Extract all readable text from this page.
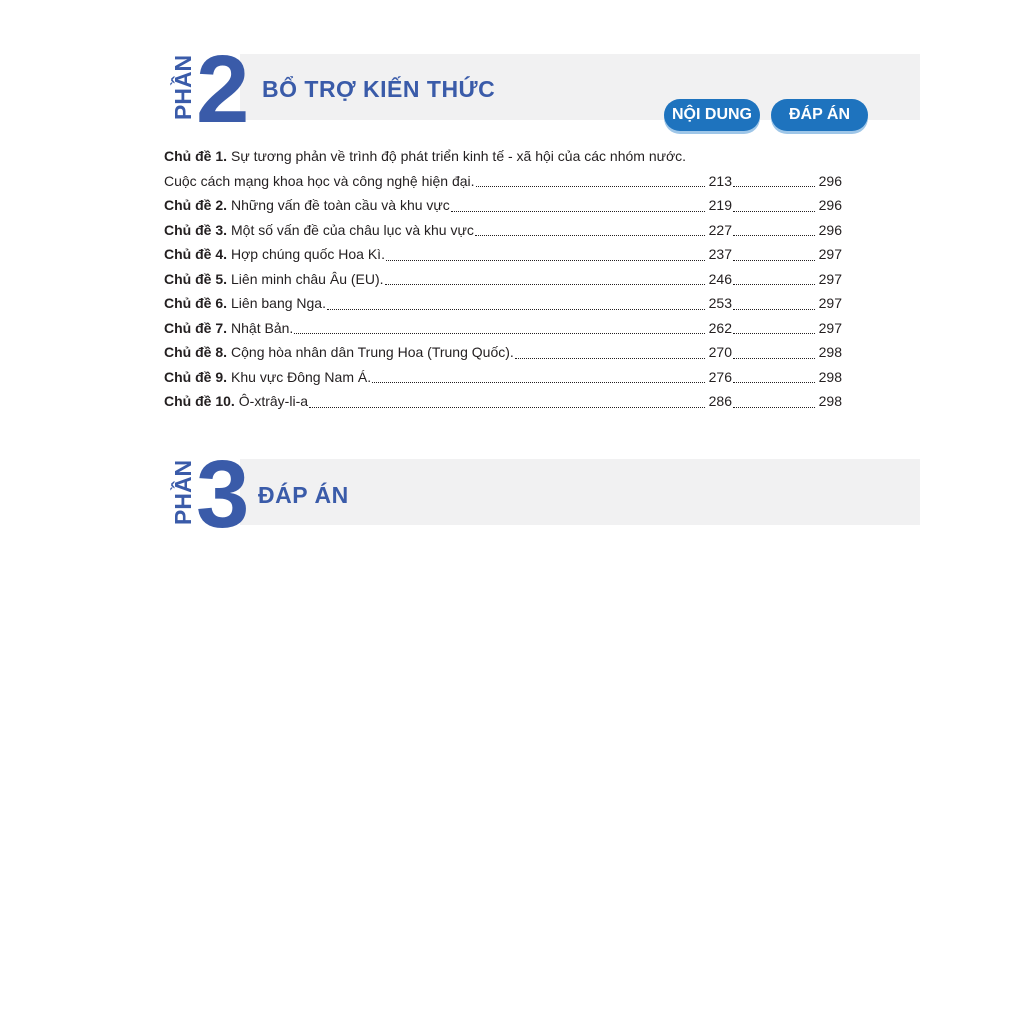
PHẦN 2 BỔ TRỢ KIẾN THỨC
NỘI DUNG	ĐÁP ÁN
Chủ đề 1. Sự tương phản về trình độ phát triển kinh tế - xã hội của các nhóm nước.
Cuộc cách mạng khoa học và công nghệ hiện đại.	213	296
Chủ đề 2. Những vấn đề toàn cầu và khu vực	219	296
Chủ đề 3. Một số vấn đề của châu lục và khu vực	227	296
Chủ đề 4. Hợp chúng quốc Hoa Kì.	237	297
Chủ đề 5. Liên minh châu Âu (EU).	246	297
Chủ đề 6. Liên bang Nga.	253	297
Chủ đề 7. Nhật Bản.	262	297
Chủ đề 8. Cộng hòa nhân dân Trung Hoa (Trung Quốc).	270	298
Chủ đề 9. Khu vực Đông Nam Á.	276	298
Chủ đề 10. Ô-xtrây-li-a	286	298
PHẦN 3 ĐÁP ÁN
